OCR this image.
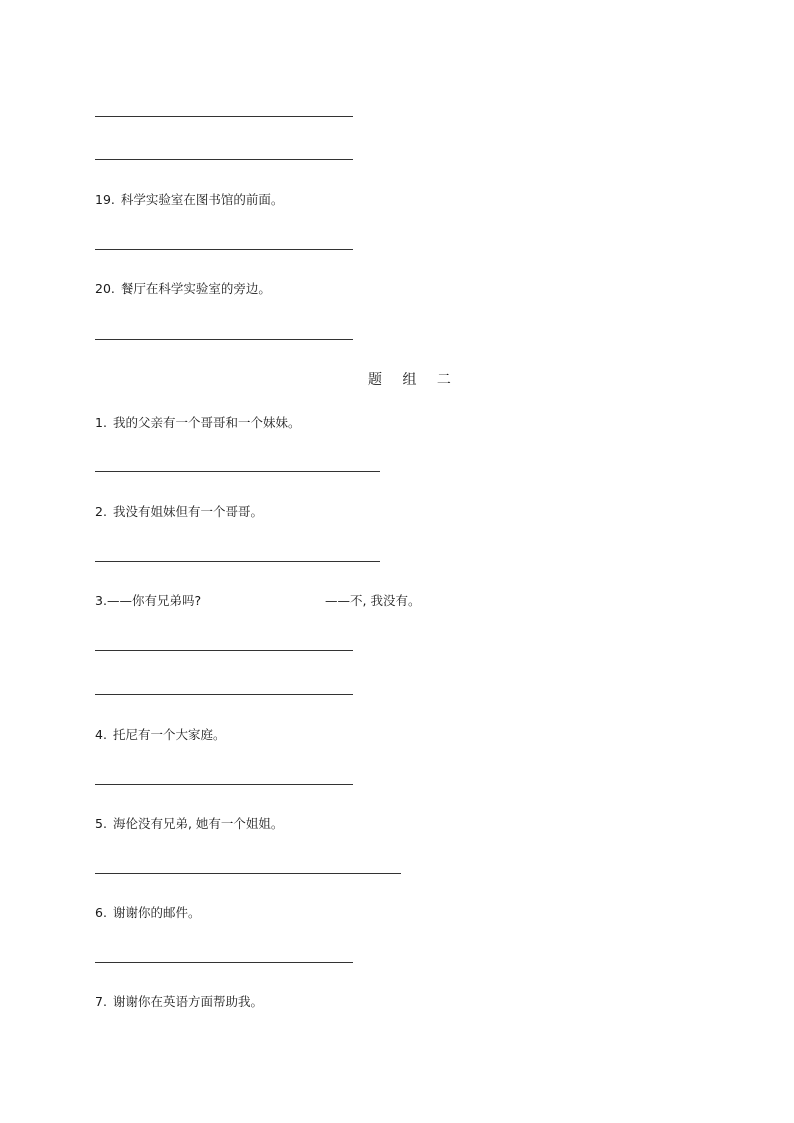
19. 科学实验室在图书馆的前面。
20. 餐厅在科学实验室的旁边。
题 组 二
1. 我的父亲有一个哥哥和一个妹妹。
2. 我没有姐妹但有一个哥哥。
3.——你有兄弟吗?	——不, 我没有。
4. 托尼有一个大家庭。
5. 海伦没有兄弟, 她有一个姐姐。
6. 谢谢你的邮件。
7. 谢谢你在英语方面帮助我。
